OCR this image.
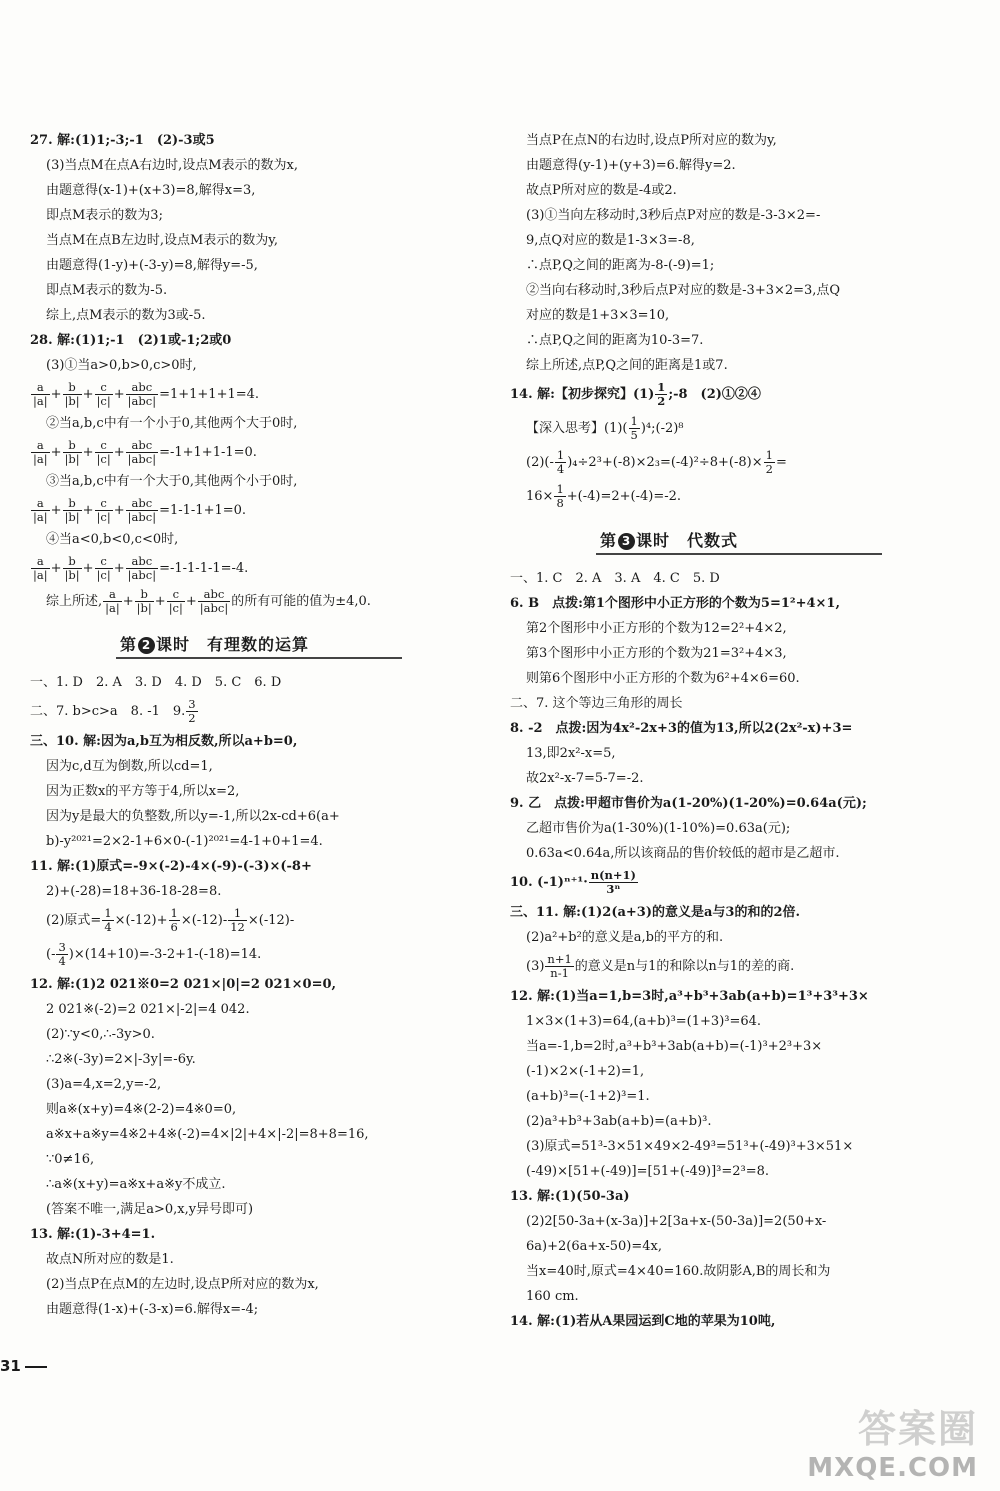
27. 解:(1)1;-3;-1　(2)-3或5
(3)当点M在点A右边时,设点M表示的数为x,
由题意得(x-1)+(x+3)=8,解得x=3,
即点M表示的数为3;
当点M在点B左边时,设点M表示的数为y,
由题意得(1-y)+(-3-y)=8,解得y=-5,
即点M表示的数为-5.
综上,点M表示的数为3或-5.
28. 解:(1)1;-1　(2)1或-1;2或0
(3)①当a>0,b>0,c>0时,
$\frac{a}{|a|} + \frac{b}{|b|} + \frac{c}{|c|} + \frac{\text{abc}}{\text{|abc|}} =1+1+1+1=4$.
②当a,b,c中有一个小于0,其他两个大于0时,
$\frac{a}{|a|} + \frac{b}{|b|} + \frac{c}{|c|} + \frac{\text{abc}}{\text{|abc|}} =-1+1+1-1=0$.
③当a,b,c中有一个大于0,其他两个小于0时,
$\frac{a}{|a|} + \frac{b}{|b|} + \frac{c}{|c|} + \frac{\text{abc}}{\text{|abc|}} =1-1-1+1=0$.
④当a<0,b<0,c<0时,
$\frac{a}{|a|} + \frac{b}{|b|} + \frac{c}{|c|} + \frac{\text{abc}}{\text{|abc|}} =-1-1-1-1=-4$.
综上所述, $\frac{a}{|a|} + \frac{b}{|b|} + \frac{c}{|c|} + \frac{\text{abc}}{\text{|abc|}}$ 的所有可能的值为±4,0.
第 2 课时　有理数的运算
一、1. D　2. A　3. D　4. D　5. C　6. D
二、7. b>c>a　8. -1　9. $\frac{3}{2}$
三、10. 解:因为a,b互为相反数,所以a+b=0,
因为c,d互为倒数,所以cd=1,
因为正数x的平方等于4,所以x=2,
因为y是最大的负整数,所以y=-1,所以2x-cd+6(a+
b)-y²⁰²¹=2×2-1+6×0-(-1)²⁰²¹=4-1+0+1=4.
11. 解:(1)原式=-9×(-2)-4×(-9)-(-3)×(-8+
2)+(-28)=18+36-18-28=8.
(2)原式= $\frac{1}{4} \times(-12)+ \frac{1}{6} \times(-12)- \frac{1}{12} \times(-12)-$
(- $\frac{3}{4} )\times(14+10)=-3-2+1-(-18)=14$.
12. 解:(1)2 021※0=2 021×|0|=2 021×0=0,
2 021※(-2)=2 021×|-2|=4 042.
(2)∵y<0,∴-3y>0.
∴2※(-3y)=2×|-3y|=-6y.
(3)a=4,x=2,y=-2,
则a※(x+y)=4※(2-2)=4※0=0,
a※x+a※y=4※2+4※(-2)=4×|2|+4×|-2|=8+8=16,
∵0≠16,
∴a※(x+y)=a※x+a※y不成立.
(答案不唯一,满足a>0,x,y异号即可)
13. 解:(1)-3+4=1.
故点N所对应的数是1.
(2)当点P在点M的左边时,设点P所对应的数为x,
由题意得(1-x)+(-3-x)=6.解得x=-4;
当点P在点N的右边时,设点P所对应的数为y,
由题意得(y-1)+(y+3)=6.解得y=2.
故点P所对应的数是-4或2.
(3)①当向左移动时,3秒后点P对应的数是-3-3×2=-
9,点Q对应的数是1-3×3=-8,
∴点P,Q之间的距离为-8-(-9)=1;
②当向右移动时,3秒后点P对应的数是-3+3×2=3,点Q
对应的数是1+3×3=10,
∴点P,Q之间的距离为10-3=7.
综上所述,点P,Q之间的距离是1或7.
14. 解:【初步探究】$(1) \frac{1}{2}$ ;-8　(2)①②④
【深入思考】$(1)( \frac{1}{5}$ )⁴;(-2)⁸
$(2)(- \frac{1}{4} )_4\div 2^3+(-8)\times 2_3=(-4)^2\div 8+(-8)\times \frac{1}{2}$ =
$16\times \frac{1}{8} +(-4)=2+(-4)=-2$.
第 3 课时　代数式
一、1. C　2. A　3. A　4. C　5. D
6. B　点拨:第1个图形中小正方形的个数为5=1²+4×1,
第2个图形中小正方形的个数为12=2²+4×2,
第3个图形中小正方形的个数为21=3²+4×3,
则第6个图形中小正方形的个数为6²+4×6=60.
二、7. 这个等边三角形的周长
8. -2　点拨:因为4x²-2x+3的值为13,所以2(2x²-x)+3=
13,即2x²-x=5,
故2x²-x-7=5-7=-2.
9. 乙　点拨:甲超市售价为a(1-20%)(1-20%)=0.64a(元);
乙超市售价为a(1-30%)(1-10%)=0.63a(元);
0.63a<0.64a,所以该商品的售价较低的超市是乙超市.
10. $(-1)^{n+1}\cdot \frac{n(n+1)}{\text{3ⁿ}}$
三、11. 解:(1)2(a+3)的意义是a与3的和的2倍.
(2)a²+b²的意义是a,b的平方的和.
$(3) \frac{n+1}{n-1}$ 的意义是n与1的和除以n与1的差的商.
12. 解:(1)当a=1,b=3时,a³+b³+3ab(a+b)=1³+3³+3×
1×3×(1+3)=64,(a+b)³=(1+3)³=64.
当a=-1,b=2时,a³+b³+3ab(a+b)=(-1)³+2³+3×
(-1)×2×(-1+2)=1,
(a+b)³=(-1+2)³=1.
(2)a³+b³+3ab(a+b)=(a+b)³.
(3)原式=51³-3×51×49×2-49³=51³+(-49)³+3×51×
(-49)×[51+(-49)]=[51+(-49)]³=2³=8.
13. 解:(1)(50-3a)
(2)2[50-3a+(x-3a)]+2[3a+x-(50-3a)]=2(50+x-
6a)+2(6a+x-50)=4x,
当x=40时,原式=4×40=160.故阴影A,B的周长和为
160 cm.
14. 解:(1)若从A果园运到C地的苹果为10吨,
31
答案圈
MXQE.COM
